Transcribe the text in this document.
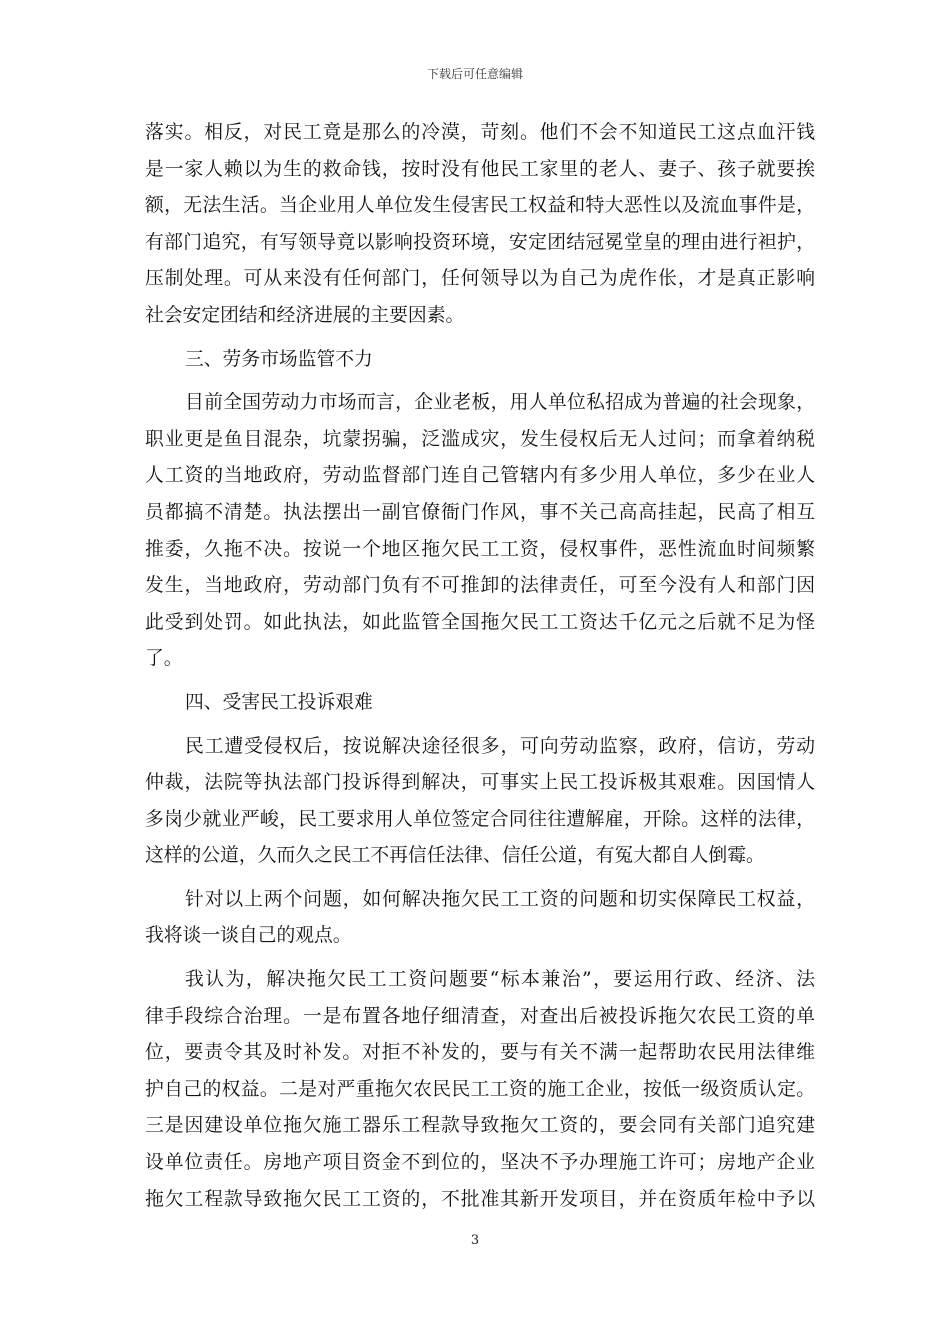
下载后可任意编辑
落实。相反，对民工竟是那么的冷漠，苛刻。他们不会不知道民工这点血汗钱
是一家人赖以为生的救命钱，按时没有他民工家里的老人、妻子、孩子就要挨
额，无法生活。当企业用人单位发生侵害民工权益和特大恶性以及流血事件是，
有部门追究，有写领导竟以影响投资环境，安定团结冠冕堂皇的理由进行袒护，
压制处理。可从来没有任何部门，任何领导以为自己为虎作伥，才是真正影响
社会安定团结和经济进展的主要因素。
三、劳务市场监管不力
目前全国劳动力市场而言，企业老板，用人单位私招成为普遍的社会现象，
职业更是鱼目混杂，坑蒙拐骗，泛滥成灾，发生侵权后无人过问；而拿着纳税
人工资的当地政府，劳动监督部门连自己管辖内有多少用人单位，多少在业人
员都搞不清楚。执法摆出一副官僚衙门作风，事不关己高高挂起，民高了相互
推委，久拖不决。按说一个地区拖欠民工工资，侵权事件，恶性流血时间频繁
发生，当地政府，劳动部门负有不可推卸的法律责任，可至今没有人和部门因
此受到处罚。如此执法，如此监管全国拖欠民工工资达千亿元之后就不足为怪
了。
四、受害民工投诉艰难
民工遭受侵权后，按说解决途径很多，可向劳动监察，政府，信访，劳动
仲裁，法院等执法部门投诉得到解决，可事实上民工投诉极其艰难。因国情人
多岗少就业严峻，民工要求用人单位签定合同往往遭解雇，开除。这样的法律，
这样的公道，久而久之民工不再信任法律、信任公道，有冤大都自人倒霉。
针对以上两个问题，如何解决拖欠民工工资的问题和切实保障民工权益，
我将谈一谈自己的观点。
我认为，解决拖欠民工工资问题要“标本兼治”，要运用行政、经济、法
律手段综合治理。一是布置各地仔细清查，对查出后被投诉拖欠农民工资的单
位，要责令其及时补发。对拒不补发的，要与有关不满一起帮助农民用法律维
护自己的权益。二是对严重拖欠农民民工工资的施工企业，按低一级资质认定。
三是因建设单位拖欠施工器乐工程款导致拖欠工资的，要会同有关部门追究建
设单位责任。房地产项目资金不到位的，坚决不予办理施工许可；房地产企业
拖欠工程款导致拖欠民工工资的，不批准其新开发项目，并在资质年检中予以
3
